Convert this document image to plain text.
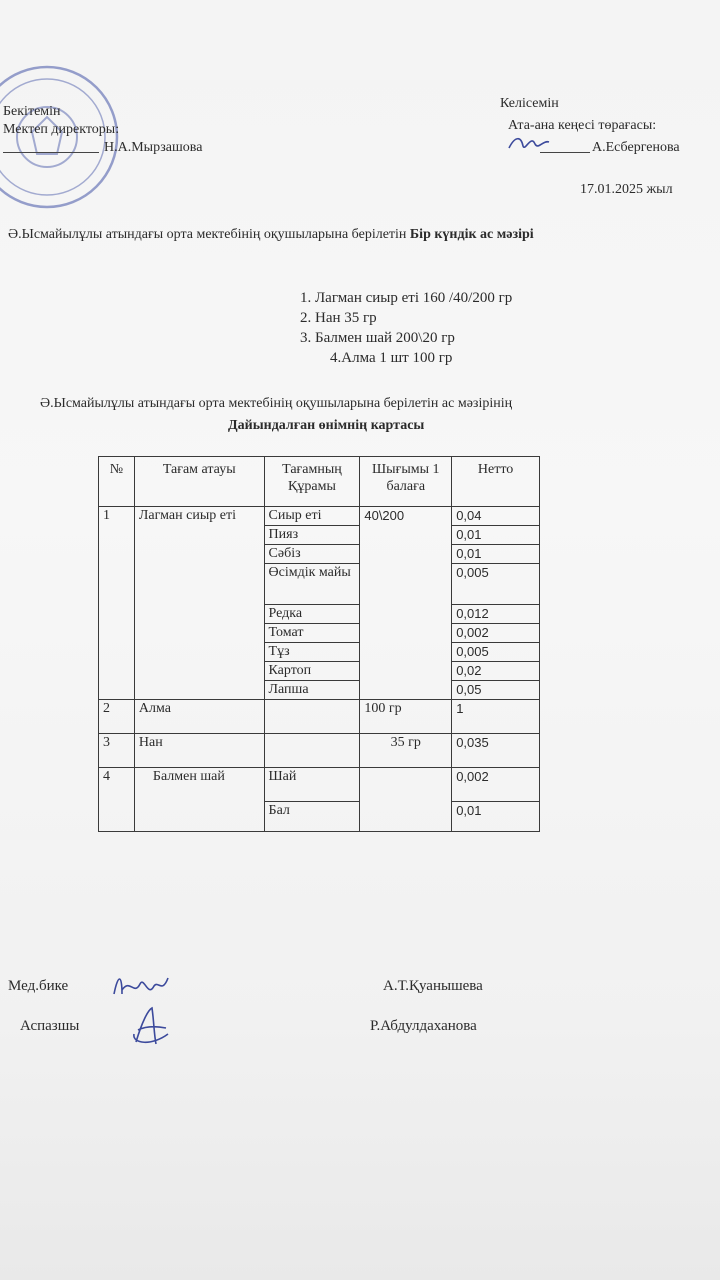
Бекітемін
Мектеп директоры:
Н.А.Мырзашова
Келісемін
Ата-ана кеңесі төрағасы:
А.Есбергенова
17.01.2025 жыл
Ә.Ысмайылұлы атындағы орта мектебінің оқушыларына берілетін Бір күндік ас мәзірі
1. Лагман сиыр еті 160 /40/200 гр
2. Нан 35 гр
3. Балмен шай 200\20 гр
4.Алма 1 шт 100 гр
Ә.Ысмайылұлы атындағы орта мектебінің оқушыларына берілетін ас мәзірінің
Дайындалған өнімнің картасы
№	Тағам атауы	Тағамның Құрамы	Шығымы 1 балаға	Нетто
1	Лагман сиыр еті	Сиыр еті	40\200	0,04
		Пияз		0,01
		Сәбіз		0,01
		Өсімдік майы		0,005
		Редка		0,012
		Томат		0,002
		Тұз		0,005
		Картоп		0,02
		Лапша		0,05
2	Алма		100 гр	1
3	Нан		35 гр	0,035
4	Балмен шай	Шай		0,002
		Бал		0,01
Мед.бике	А.Т.Қуанышева
Аспазшы	Р.Абдулдаханова
